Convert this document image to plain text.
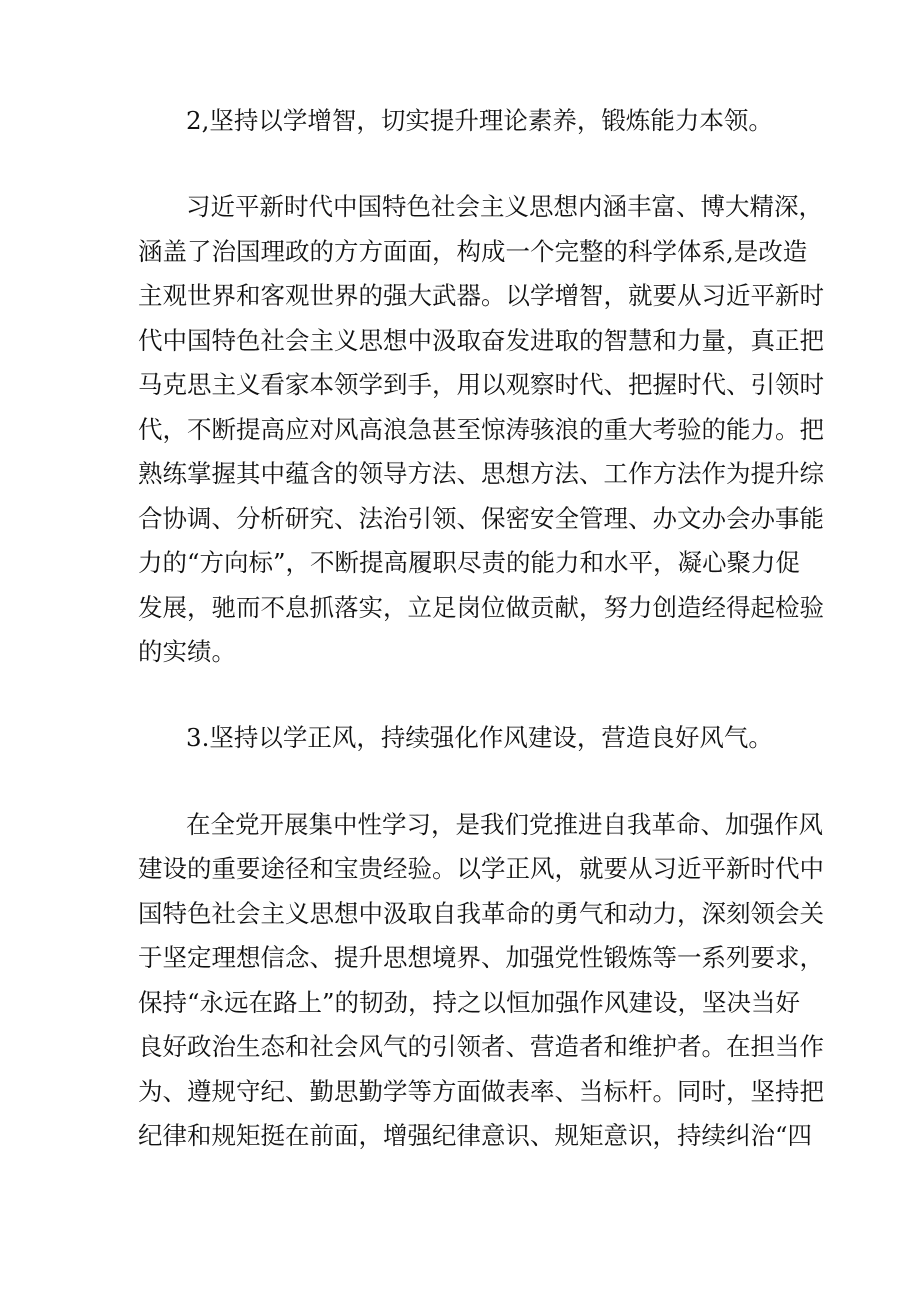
2,坚持以学增智，切实提升理论素养，锻炼能力本领。
习近平新时代中国特色社会主义思想内涵丰富、博大精深，
涵盖了治国理政的方方面面，构成一个完整的科学体系,是改造
主观世界和客观世界的强大武器。以学增智，就要从习近平新时
代中国特色社会主义思想中汲取奋发进取的智慧和力量，真正把
马克思主义看家本领学到手，用以观察时代、把握时代、引领时
代，不断提高应对风高浪急甚至惊涛骇浪的重大考验的能力。把
熟练掌握其中蕴含的领导方法、思想方法、工作方法作为提升综
合协调、分析研究、法治引领、保密安全管理、办文办会办事能
力的“方向标”，不断提高履职尽责的能力和水平，凝心聚力促
发展，驰而不息抓落实，立足岗位做贡献，努力创造经得起检验
的实绩。
3.坚持以学正风，持续强化作风建设，营造良好风气。
在全党开展集中性学习，是我们党推进自我革命、加强作风
建设的重要途径和宝贵经验。以学正风，就要从习近平新时代中
国特色社会主义思想中汲取自我革命的勇气和动力，深刻领会关
于坚定理想信念、提升思想境界、加强党性锻炼等一系列要求，
保持“永远在路上”的韧劲，持之以恒加强作风建设，坚决当好
良好政治生态和社会风气的引领者、营造者和维护者。在担当作
为、遵规守纪、勤思勤学等方面做表率、当标杆。同时，坚持把
纪律和规矩挺在前面，增强纪律意识、规矩意识，持续纠治“四
